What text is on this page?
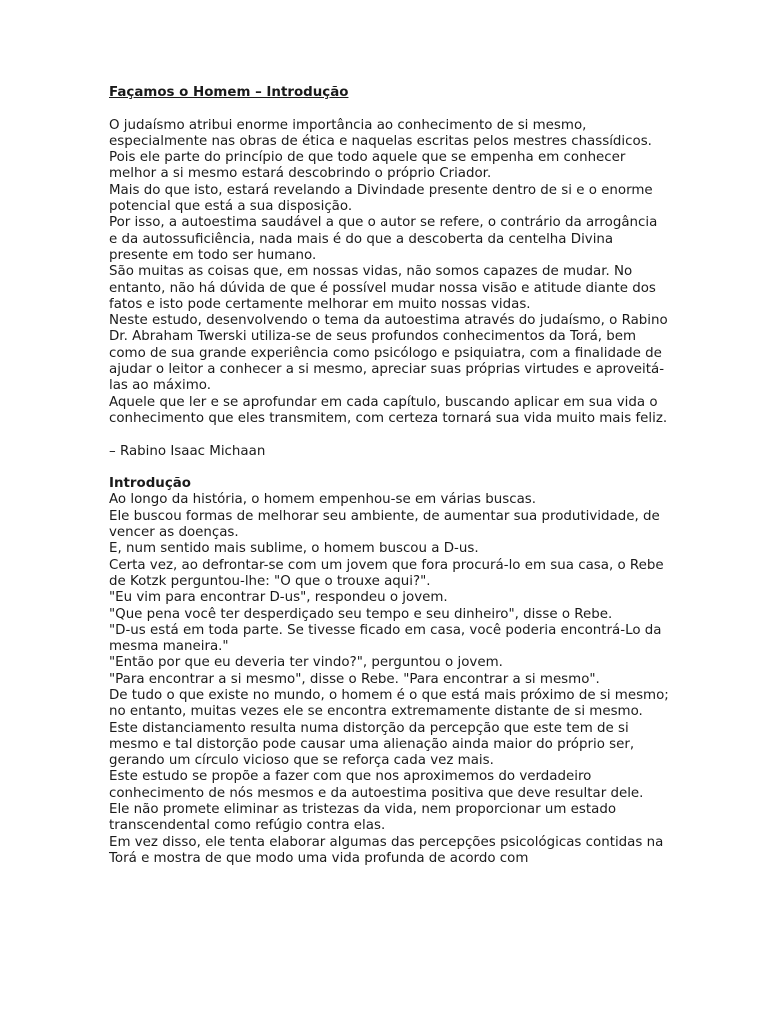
Façamos o Homem – Introdução

O judaísmo atribui enorme importância ao conhecimento de si mesmo, especialmente nas obras de ética e naquelas escritas pelos mestres chassídicos.

Pois ele parte do princípio de que todo aquele que se empenha em conhecer melhor a si mesmo estará descobrindo o próprio Criador.

Mais do que isto, estará revelando a Divindade presente dentro de si e o enorme potencial que está a sua disposição.

Por isso, a autoestima saudável a que o autor se refere, o contrário da arrogância e da autossuficiência, nada mais é do que a descoberta da centelha Divina presente em todo ser humano.

São muitas as coisas que, em nossas vidas, não somos capazes de mudar. No entanto, não há dúvida de que é possível mudar nossa visão e atitude diante dos fatos e isto pode certamente melhorar em muito nossas vidas.

Neste estudo, desenvolvendo o tema da autoestima através do judaísmo, o Rabino Dr. Abraham Twerski utiliza-se de seus profundos conhecimentos da Torá, bem como de sua grande experiência como psicólogo e psiquiatra, com a finalidade de ajudar o leitor a conhecer a si mesmo, apreciar suas próprias virtudes e aproveitá-las ao máximo.

Aquele que ler e se aprofundar em cada capítulo, buscando aplicar em sua vida o conhecimento que eles transmitem, com certeza tornará sua vida muito mais feliz.

– Rabino Isaac Michaan

Introdução

Ao longo da história, o homem empenhou-se em várias buscas.

Ele buscou formas de melhorar seu ambiente, de aumentar sua produtividade, de vencer as doenças.

E, num sentido mais sublime, o homem buscou a D-us.

Certa vez, ao defrontar-se com um jovem que fora procurá-lo em sua casa, o Rebe de Kotzk perguntou-lhe: "O que o trouxe aqui?".

"Eu vim para encontrar D-us", respondeu o jovem.

"Que pena você ter desperdiçado seu tempo e seu dinheiro", disse o Rebe.

"D-us está em toda parte. Se tivesse ficado em casa, você poderia encontrá-Lo da mesma maneira."

"Então por que eu deveria ter vindo?", perguntou o jovem.

"Para encontrar a si mesmo", disse o Rebe. "Para encontrar a si mesmo".

De tudo o que existe no mundo, o homem é o que está mais próximo de si mesmo; no entanto, muitas vezes ele se encontra extremamente distante de si mesmo.

Este distanciamento resulta numa distorção da percepção que este tem de si mesmo e tal distorção pode causar uma alienação ainda maior do próprio ser, gerando um círculo vicioso que se reforça cada vez mais.

Este estudo se propõe a fazer com que nos aproximemos do verdadeiro conhecimento de nós mesmos e da autoestima positiva que deve resultar dele.

Ele não promete eliminar as tristezas da vida, nem proporcionar um estado transcendental como refúgio contra elas.

Em vez disso, ele tenta elaborar algumas das percepções psicológicas contidas na Torá e mostra de que modo uma vida profunda de acordo com
